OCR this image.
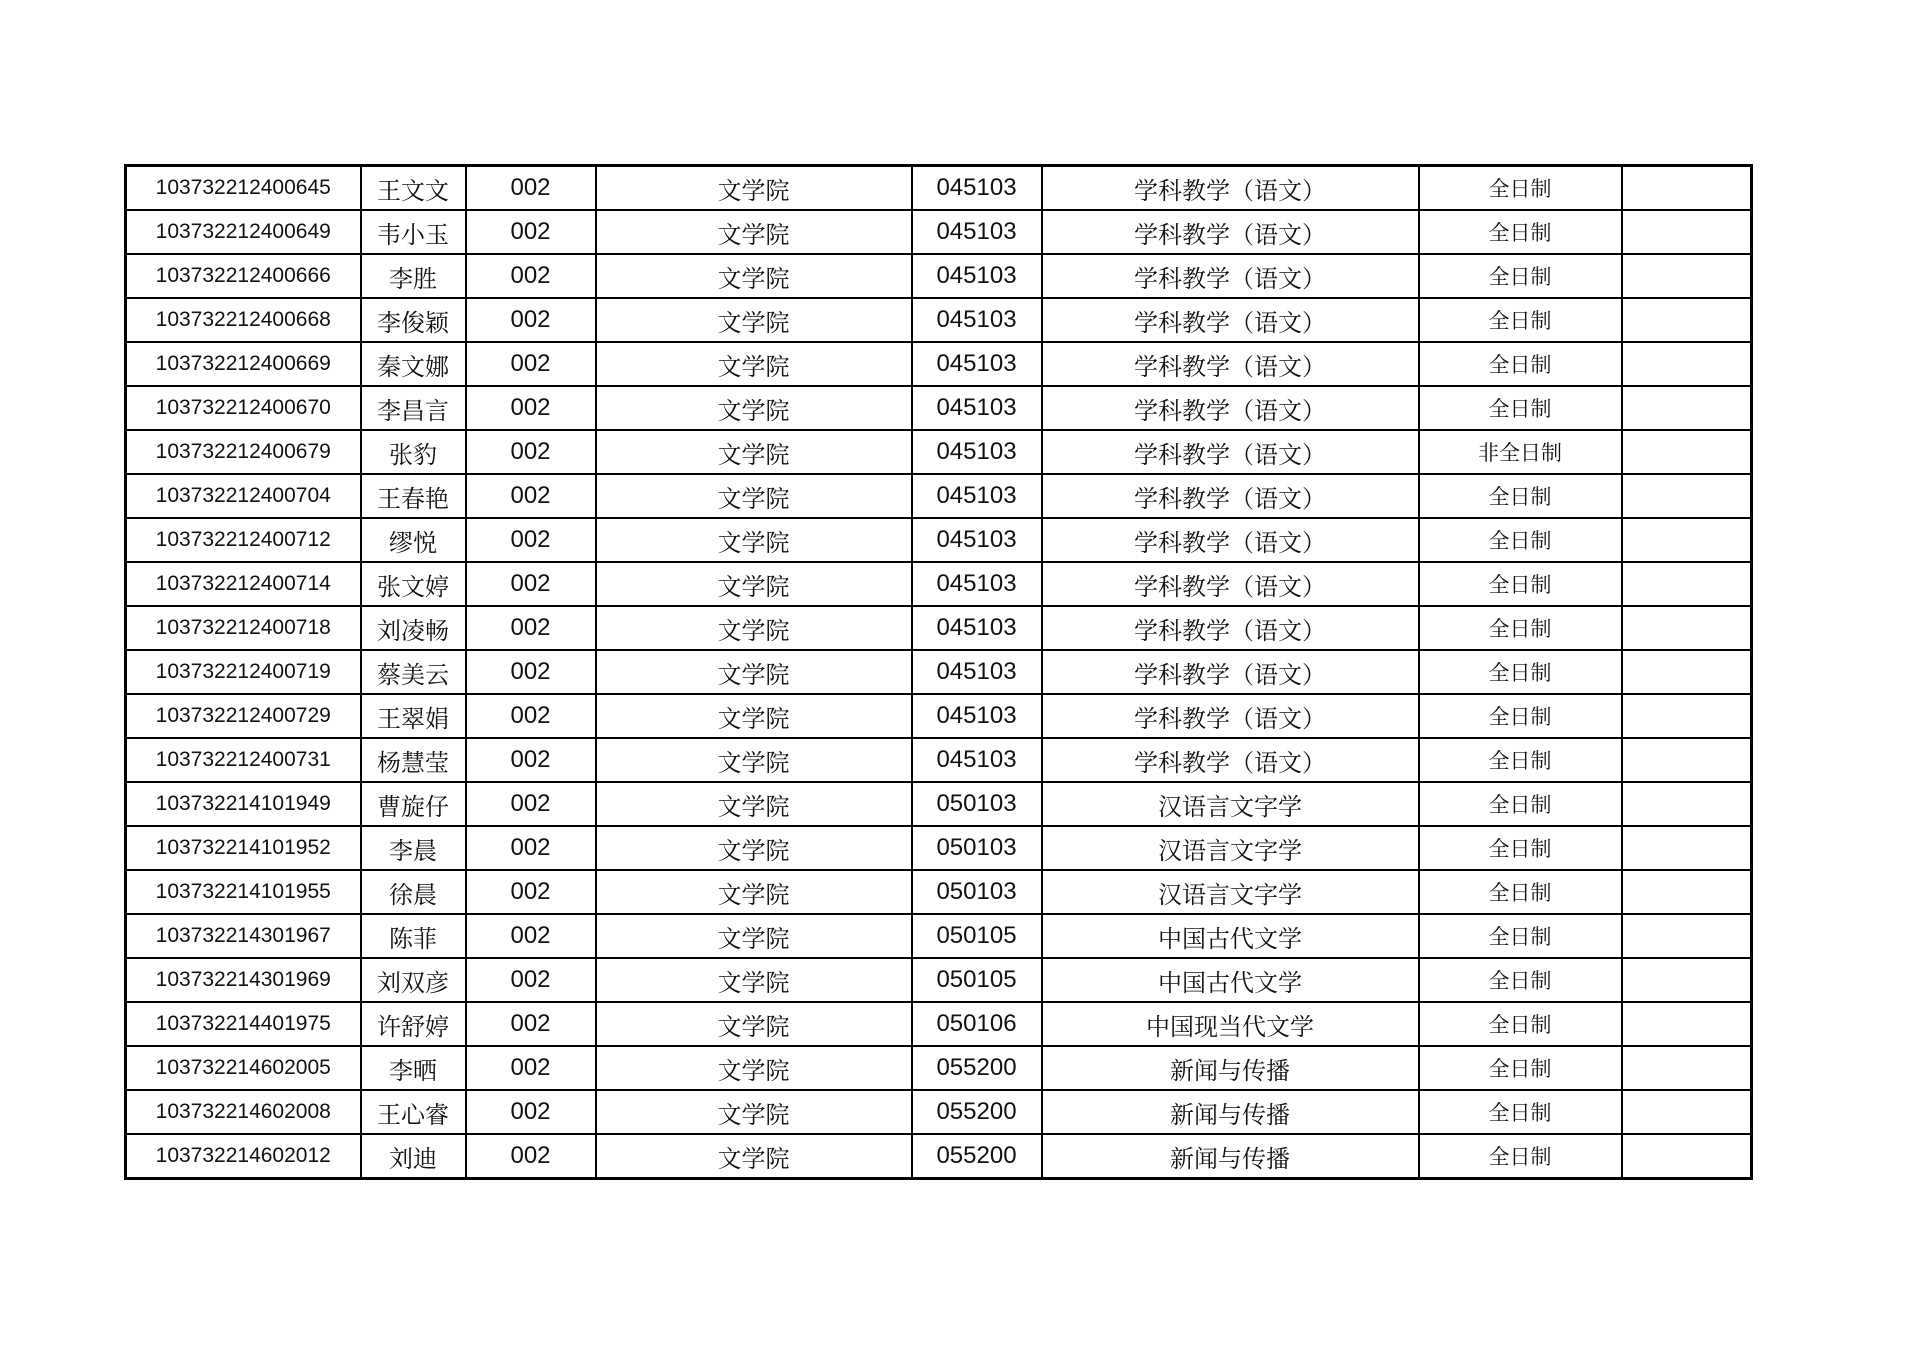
103732212400645	王文文	002	文学院	045103	学科教学（语文）	全日制	
103732212400649	韦小玉	002	文学院	045103	学科教学（语文）	全日制	
103732212400666	李胜	002	文学院	045103	学科教学（语文）	全日制	
103732212400668	李俊颖	002	文学院	045103	学科教学（语文）	全日制	
103732212400669	秦文娜	002	文学院	045103	学科教学（语文）	全日制	
103732212400670	李昌言	002	文学院	045103	学科教学（语文）	全日制	
103732212400679	张豹	002	文学院	045103	学科教学（语文）	非全日制	
103732212400704	王春艳	002	文学院	045103	学科教学（语文）	全日制	
103732212400712	缪悦	002	文学院	045103	学科教学（语文）	全日制	
103732212400714	张文婷	002	文学院	045103	学科教学（语文）	全日制	
103732212400718	刘凌畅	002	文学院	045103	学科教学（语文）	全日制	
103732212400719	蔡美云	002	文学院	045103	学科教学（语文）	全日制	
103732212400729	王翠娟	002	文学院	045103	学科教学（语文）	全日制	
103732212400731	杨慧莹	002	文学院	045103	学科教学（语文）	全日制	
103732214101949	曹旋仔	002	文学院	050103	汉语言文字学	全日制	
103732214101952	李晨	002	文学院	050103	汉语言文字学	全日制	
103732214101955	徐晨	002	文学院	050103	汉语言文字学	全日制	
103732214301967	陈菲	002	文学院	050105	中国古代文学	全日制	
103732214301969	刘双彦	002	文学院	050105	中国古代文学	全日制	
103732214401975	许舒婷	002	文学院	050106	中国现当代文学	全日制	
103732214602005	李晒	002	文学院	055200	新闻与传播	全日制	
103732214602008	王心睿	002	文学院	055200	新闻与传播	全日制	
103732214602012	刘迪	002	文学院	055200	新闻与传播	全日制	
